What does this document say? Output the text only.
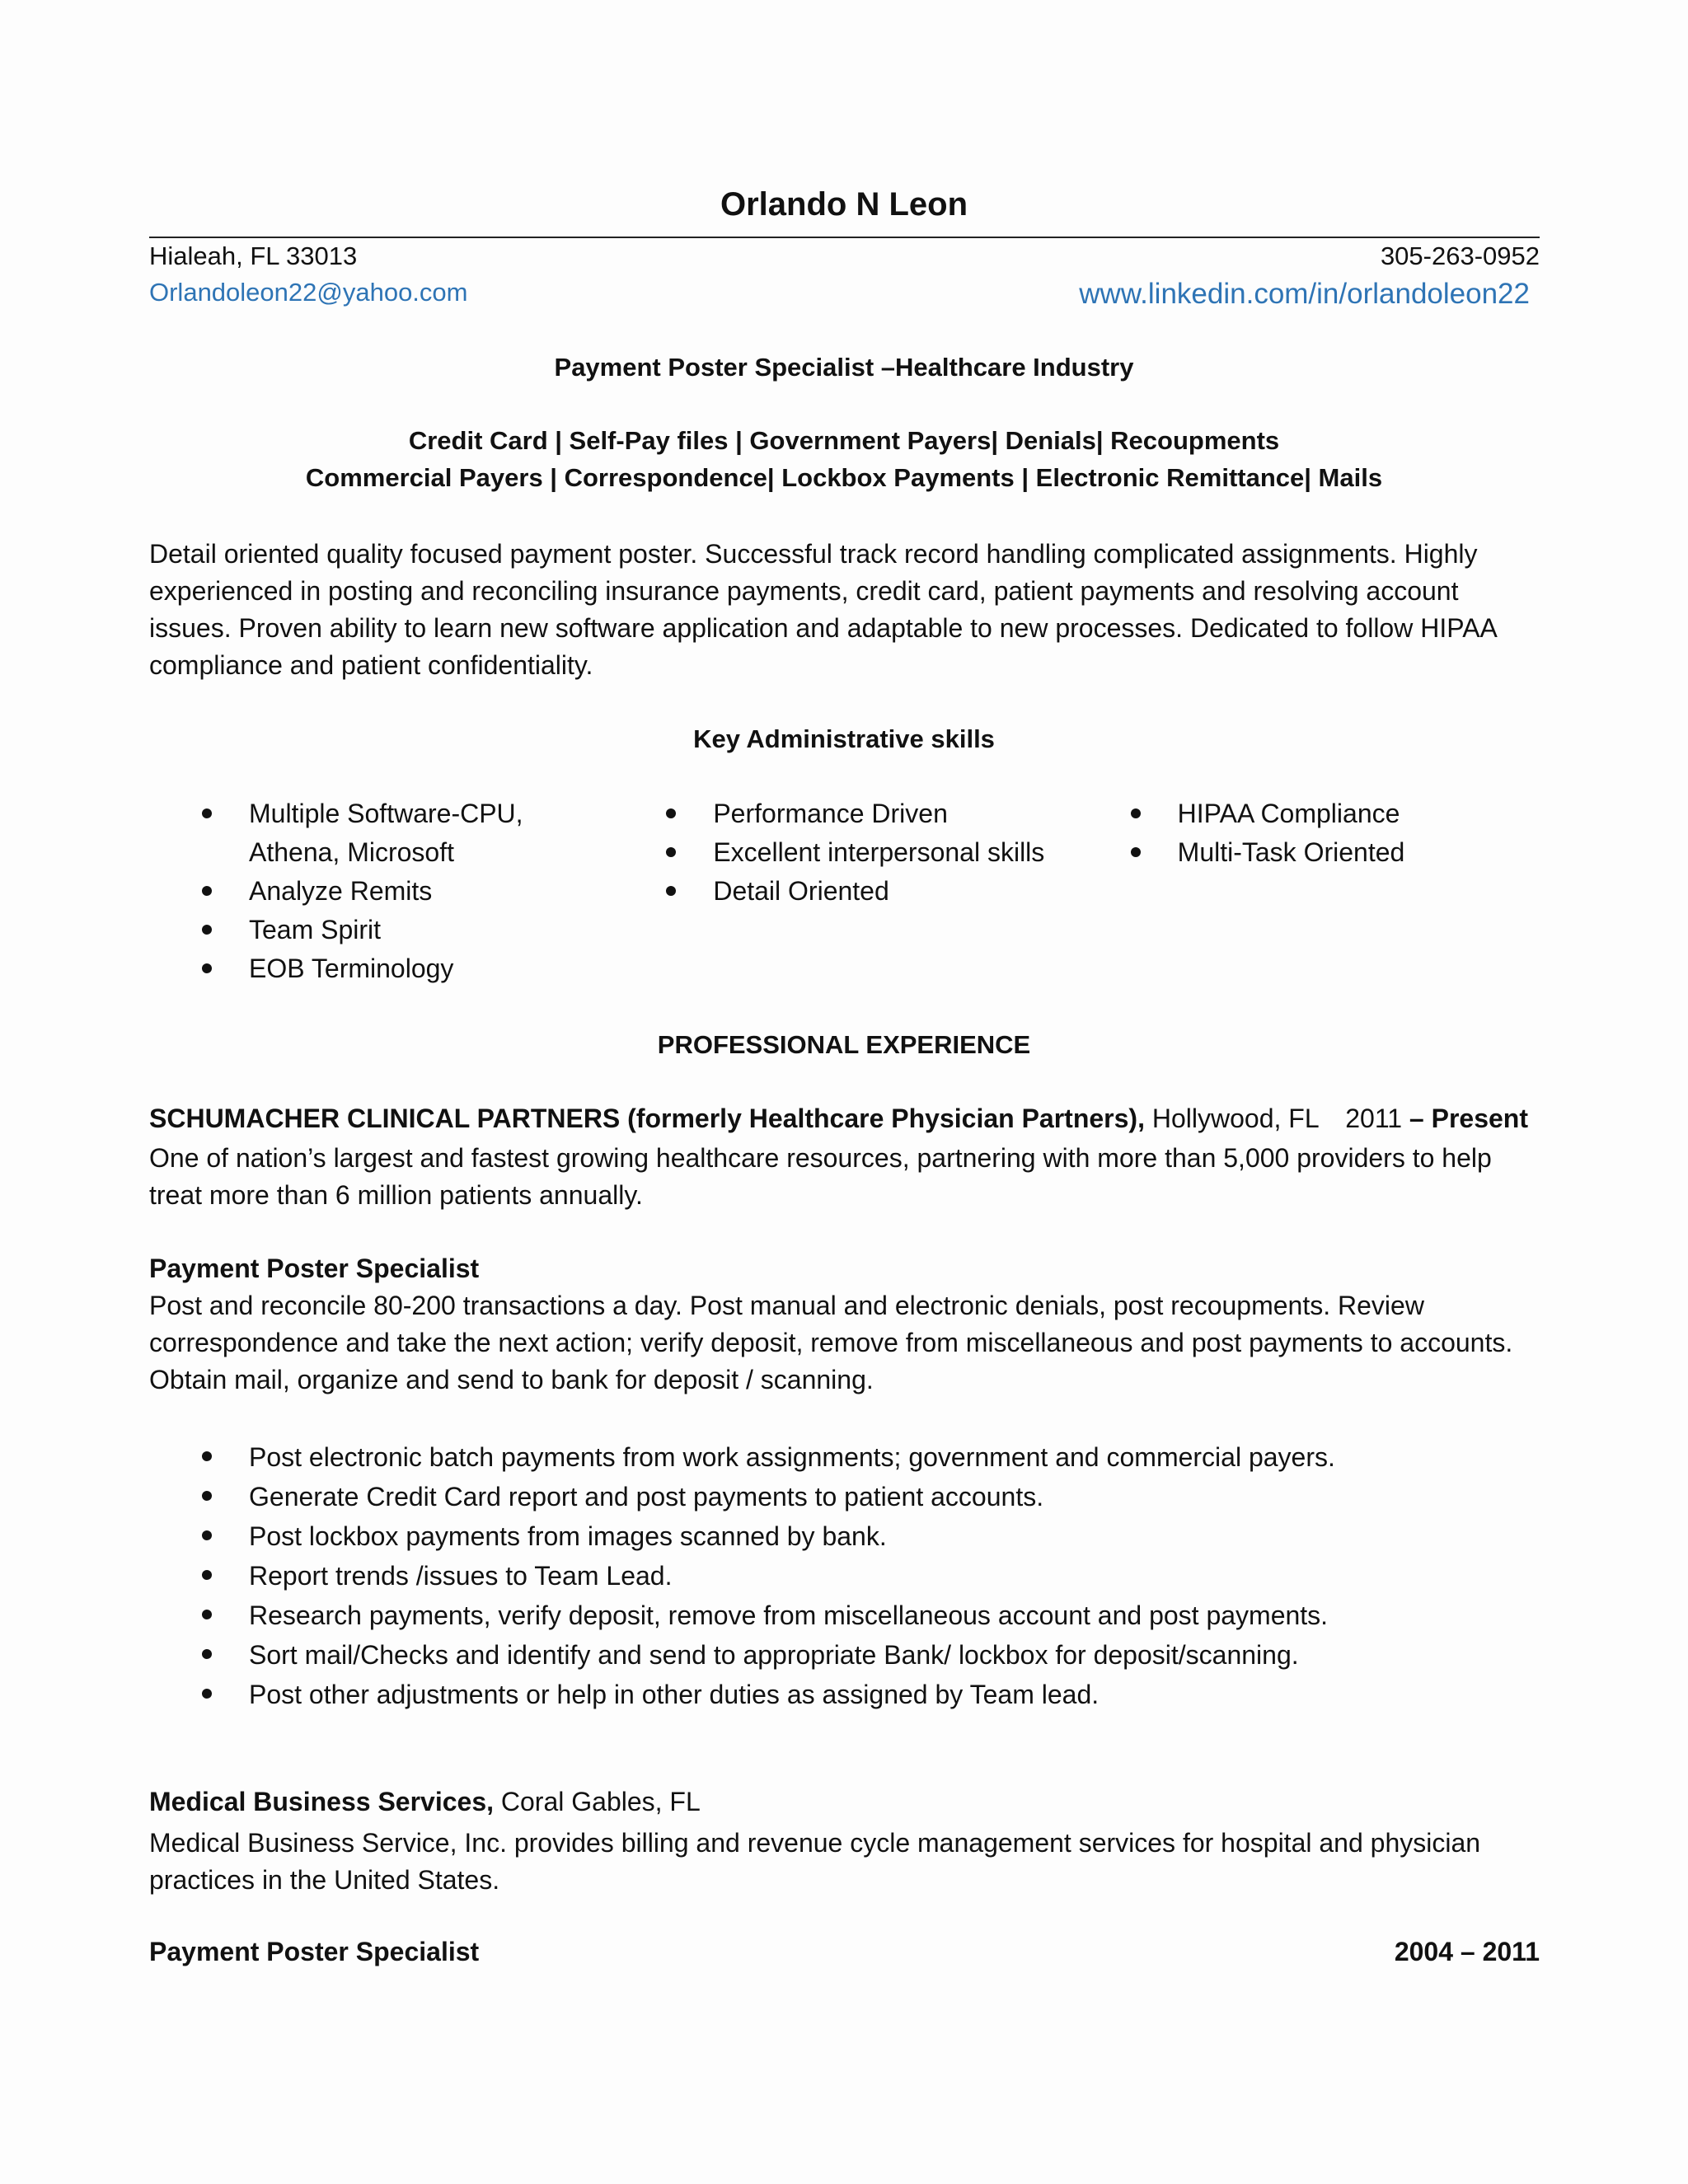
Orlando N Leon
Hialeah, FL 33013	305-263-0952
Orlandoleon22@yahoo.com	www.linkedin.com/in/orlandoleon22
Payment Poster Specialist –Healthcare Industry
Credit Card | Self-Pay files | Government Payers| Denials| Recoupments
Commercial Payers | Correspondence| Lockbox Payments | Electronic Remittance| Mails
Detail oriented quality focused payment poster. Successful track record handling complicated assignments. Highly experienced in posting and reconciling insurance payments, credit card, patient payments and resolving account issues. Proven ability to learn new software application and adaptable to new processes. Dedicated to follow HIPAA compliance and patient confidentiality.
Key Administrative skills
Multiple Software-CPU, Athena, Microsoft
Analyze Remits
Team Spirit
EOB Terminology
Performance Driven
Excellent interpersonal skills
Detail Oriented
HIPAA Compliance
Multi-Task Oriented
PROFESSIONAL EXPERIENCE
SCHUMACHER CLINICAL PARTNERS (formerly Healthcare Physician Partners), Hollywood, FL 2011 – Present
One of nation’s largest and fastest growing healthcare resources, partnering with more than 5,000 providers to help treat more than 6 million patients annually.
Payment Poster Specialist
Post and reconcile 80-200 transactions a day. Post manual and electronic denials, post recoupments. Review correspondence and take the next action; verify deposit, remove from miscellaneous and post payments to accounts. Obtain mail, organize and send to bank for deposit / scanning.
Post electronic batch payments from work assignments; government and commercial payers.
Generate Credit Card report and post payments to patient accounts.
Post lockbox payments from images scanned by bank.
Report trends /issues to Team Lead.
Research payments, verify deposit, remove from miscellaneous account and post payments.
Sort mail/Checks and identify and send to appropriate Bank/ lockbox for deposit/scanning.
Post other adjustments or help in other duties as assigned by Team lead.
Medical Business Services, Coral Gables, FL
Medical Business Service, Inc. provides billing and revenue cycle management services for hospital and physician practices in the United States.
Payment Poster Specialist	2004 – 2011
